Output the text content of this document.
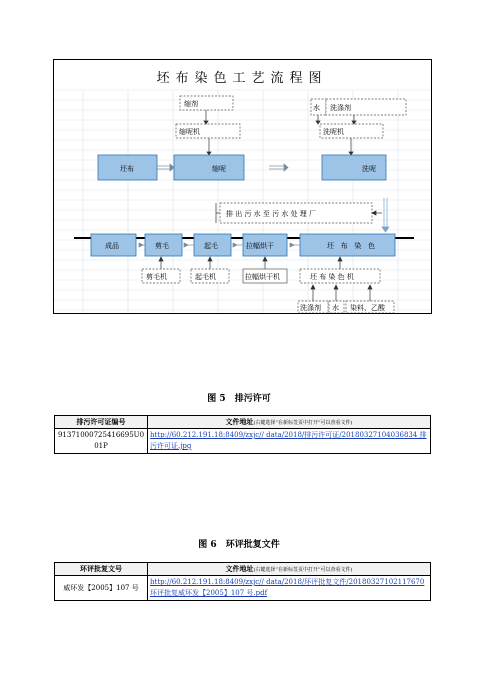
坯布染色工艺流程图
缩剂
缩呢机
水 洗涤剂
洗呢机
坯布	缩呢	洗呢
排 出 污 水 至 污 水 处 理 厂
成品	剪毛	起毛	拉幅烘干	坯   布   染   色
剪毛机	起毛机	拉幅烘干机	坯 布 染 色 机
洗涤剂 水 染料、乙酸
图 5　排污许可
排污许可证编号	文件地址(右键选择“在新标签页中打开”可以查看文件)
91371000725416695U001P	http://60.212.191.18:8409/zxjc// data/2018/排污许可证/20180327104036834 排污许可证.jpg
图 6　环评批复文件
环评批复文号	文件地址(右键选择“在新标签页中打开”可以查看文件)
威环发【2005】107 号	http://60.212.191.18:8409/zxjc// data/2018/环评批复文件/20180327102117670 环评批复威环发【2005】107 号.pdf
